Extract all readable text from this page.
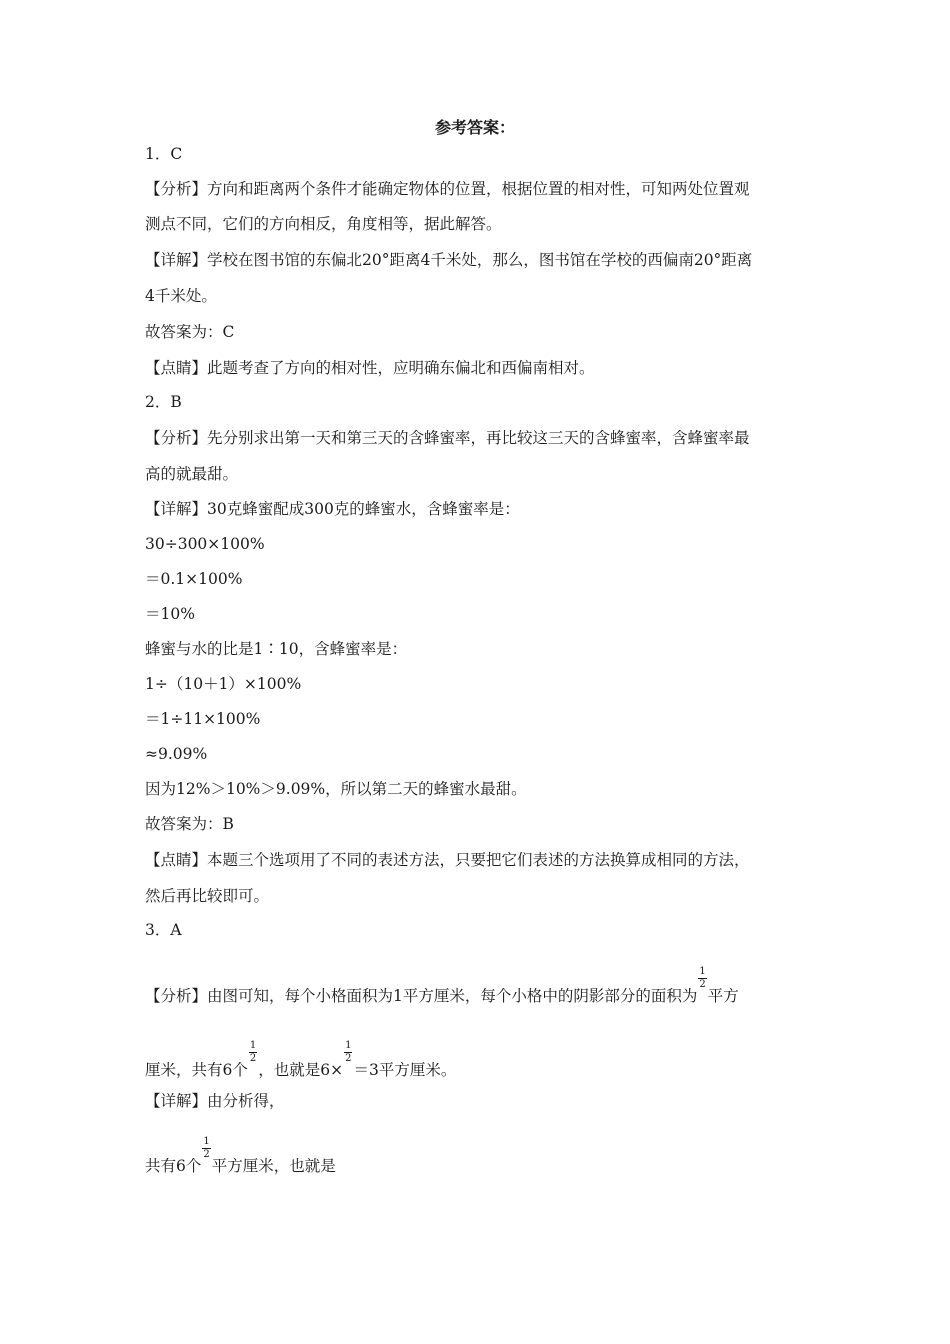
参考答案：
1．C
【分析】方向和距离两个条件才能确定物体的位置，根据位置的相对性，可知两处位置观
测点不同，它们的方向相反，角度相等，据此解答。
【详解】学校在图书馆的东偏北20°距离4千米处，那么，图书馆在学校的西偏南20°距离
4千米处。
故答案为：C
【点睛】此题考查了方向的相对性，应明确东偏北和西偏南相对。
2．B
【分析】先分别求出第一天和第三天的含蜂蜜率，再比较这三天的含蜂蜜率，含蜂蜜率最
高的就最甜。
【详解】30克蜂蜜配成300克的蜂蜜水，含蜂蜜率是：
30÷300×100%
＝0.1×100%
＝10%
蜂蜜与水的比是1∶10，含蜂蜜率是：
1÷（10＋1）×100%
＝1÷11×100%
≈9.09%
因为12%＞10%＞9.09%，所以第二天的蜂蜜水最甜。
故答案为：B
【点睛】本题三个选项用了不同的表述方法，只要把它们表述的方法换算成相同的方法，
然后再比较即可。
3．A
【分析】由图可知，每个小格面积为1平方厘米，每个小格中的阴影部分的面积为
$\frac{1}{2}$
平方
厘米，共有6个
$\frac{1}{2}$
，也就是6×
$\frac{1}{2}$
＝3平方厘米。
【详解】由分析得，
共有6个
$\frac{1}{2}$
平方厘米，也就是
